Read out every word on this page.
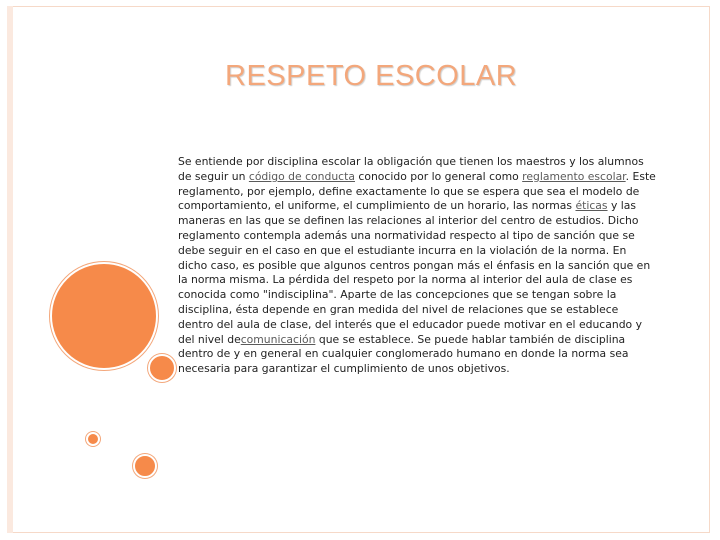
RESPETO ESCOLAR
Se entiende por disciplina escolar la obligación que tienen los maestros y los alumnos de seguir un código de conducta conocido por lo general como reglamento escolar. Este reglamento, por ejemplo, define exactamente lo que se espera que sea el modelo de comportamiento, el uniforme, el cumplimiento de un horario, las normas éticas y las maneras en las que se definen las relaciones al interior del centro de estudios. Dicho reglamento contempla además una normatividad respecto al tipo de sanción que se debe seguir en el caso en que el estudiante incurra en la violación de la norma. En dicho caso, es posible que algunos centros pongan más el énfasis en la sanción que en la norma misma. La pérdida del respeto por la norma al interior del aula de clase es conocida como "indisciplina". Aparte de las concepciones que se tengan sobre la disciplina, ésta depende en gran medida del nivel de relaciones que se establece dentro del aula de clase, del interés que el educador puede motivar en el educando y del nivel decomunicación que se establece. Se puede hablar también de disciplina dentro de y en general en cualquier conglomerado humano en donde la norma sea necesaria para garantizar el cumplimiento de unos objetivos.
